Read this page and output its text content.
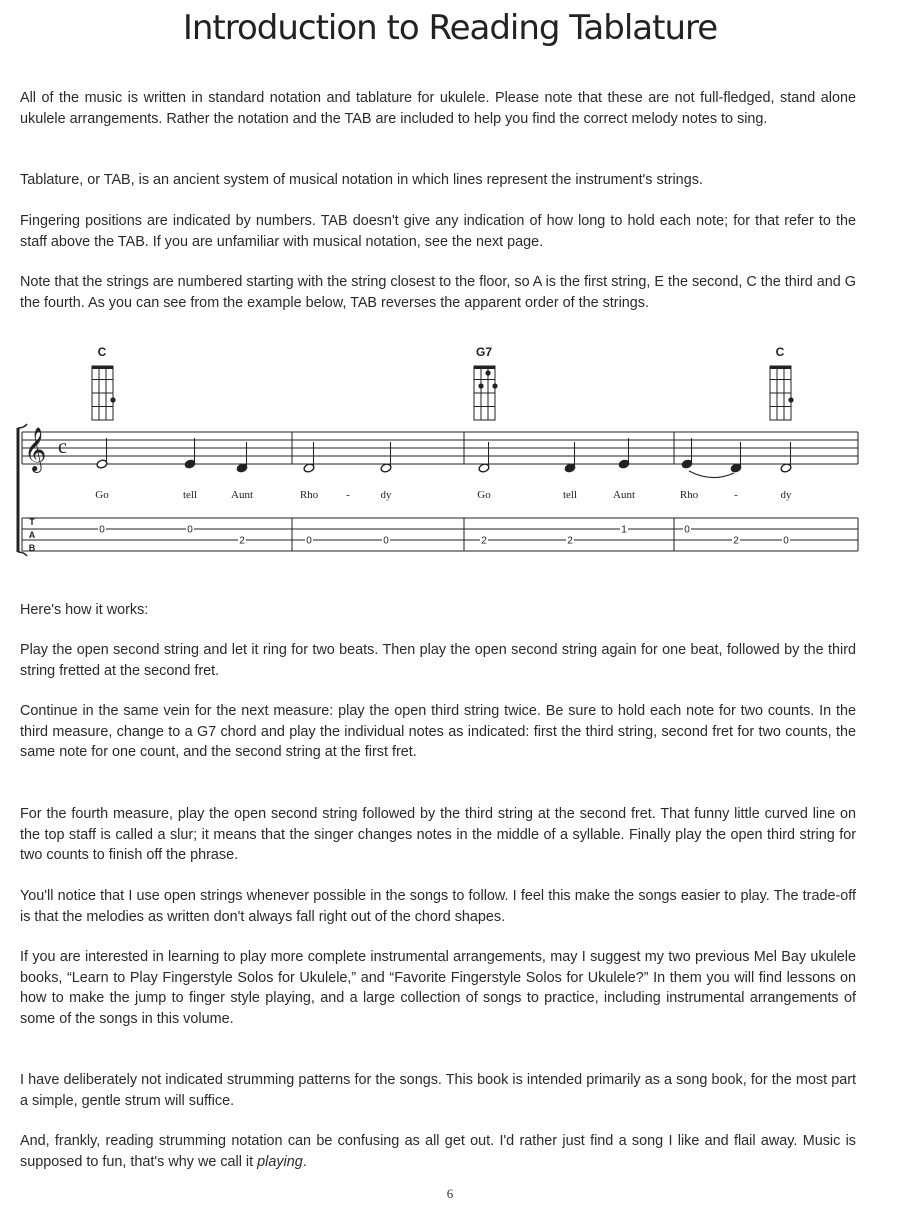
Introduction to Reading Tablature

All of the music is written in standard notation and tablature for ukulele. Please note that these are not full-fledged, stand alone ukulele arrangements. Rather the notation and the TAB are included to help you find the correct melody notes to sing.

Tablature, or TAB, is an ancient system of musical notation in which lines represent the instrument's strings.

Fingering positions are indicated by numbers. TAB doesn't give any indication of how long to hold each note; for that refer to the staff above the TAB. If you are unfamiliar with musical notation, see the next page.

Note that the strings are numbered starting with the string closest to the floor, so A is the first string, E the second, C the third and G the fourth. As you can see from the example below, TAB reverses the apparent order of the strings.

C	G7	C
𝄞 c
Go	tell	Aunt	Rho	-	dy	Go	tell	Aunt	Rho	-	dy
T
A
B
0	0
2	0	0	2	2
1	0
2	0

Here's how it works:

Play the open second string and let it ring for two beats. Then play the open second string again for one beat, followed by the third string fretted at the second fret.

Continue in the same vein for the next measure: play the open third string twice. Be sure to hold each note for two counts. In the third measure, change to a G7 chord and play the individual notes as indicated: first the third string, second fret for two counts, the same note for one count, and the second string at the first fret.

For the fourth measure, play the open second string followed by the third string at the second fret. That funny little curved line on the top staff is called a slur; it means that the singer changes notes in the middle of a syllable. Finally play the open third string for two counts to finish off the phrase.

You'll notice that I use open strings whenever possible in the songs to follow. I feel this make the songs easier to play. The trade-off is that the melodies as written don't always fall right out of the chord shapes.

If you are interested in learning to play more complete instrumental arrangements, may I suggest my two previous Mel Bay ukulele books, “Learn to Play Fingerstyle Solos for Ukulele,” and “Favorite Fingerstyle Solos for Ukulele?” In them you will find lessons on how to make the jump to finger style playing, and a large collection of songs to practice, including instrumental arrangements of some of the songs in this volume.

I have deliberately not indicated strumming patterns for the songs. This book is intended primarily as a song book, for the most part a simple, gentle strum will suffice.

And, frankly, reading strumming notation can be confusing as all get out. I'd rather just find a song I like and flail away. Music is supposed to fun, that's why we call it playing.

6
